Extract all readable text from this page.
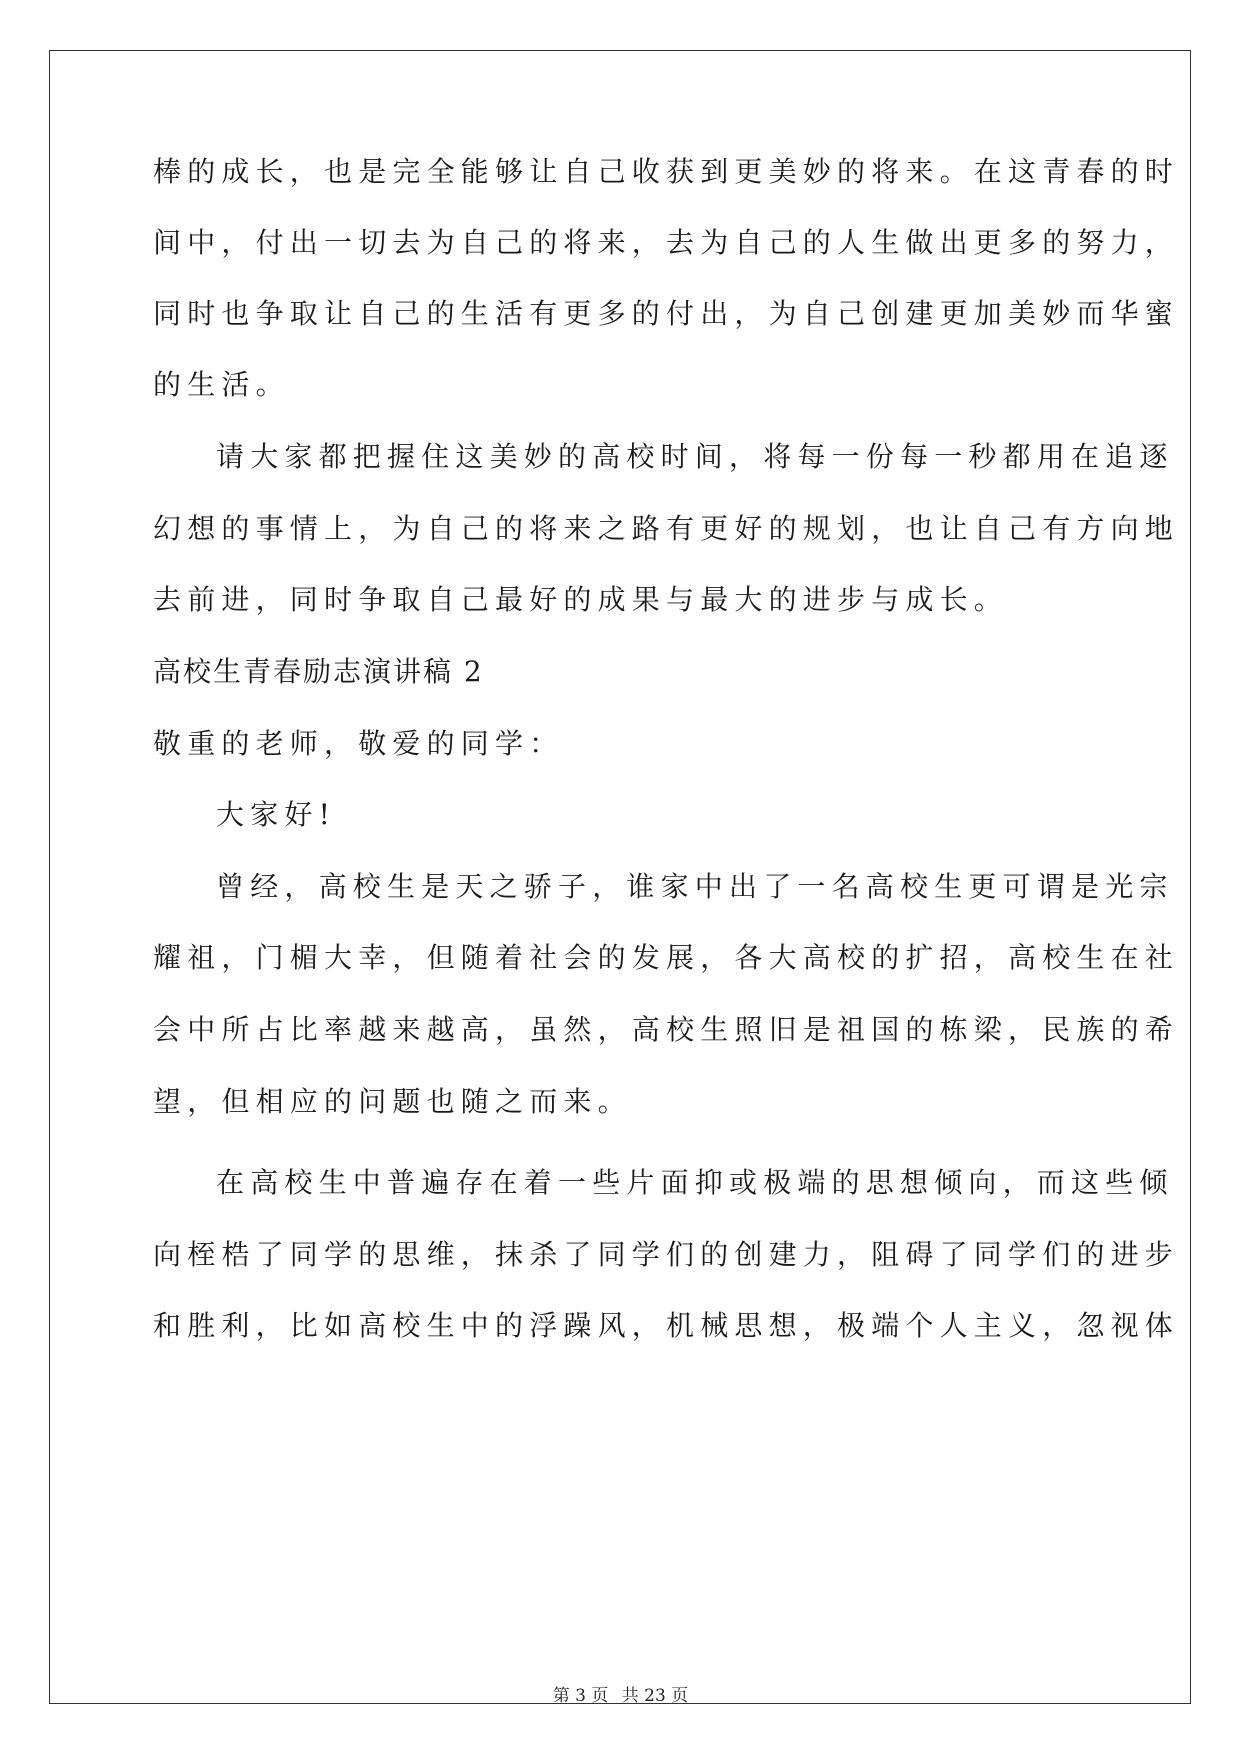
棒的成长，也是完全能够让自己收获到更美妙的将来。在这青春的时
间中，付出一切去为自己的将来，去为自己的人生做出更多的努力，
同时也争取让自己的生活有更多的付出，为自己创建更加美妙而华蜜
的生活。
请大家都把握住这美妙的高校时间，将每一份每一秒都用在追逐
幻想的事情上，为自己的将来之路有更好的规划，也让自己有方向地
去前进，同时争取自己最好的成果与最大的进步与成长。
高校生青春励志演讲稿 2
敬重的老师，敬爱的同学：
大家好!
曾经，高校生是天之骄子，谁家中出了一名高校生更可谓是光宗
耀祖，门楣大幸，但随着社会的发展，各大高校的扩招，高校生在社
会中所占比率越来越高，虽然，高校生照旧是祖国的栋梁，民族的希
望，但相应的问题也随之而来。
在高校生中普遍存在着一些片面抑或极端的思想倾向，而这些倾
向桎梏了同学的思维，抹杀了同学们的创建力，阻碍了同学们的进步
和胜利，比如高校生中的浮躁风，机械思想，极端个人主义，忽视体
第 3 页 共 23 页
